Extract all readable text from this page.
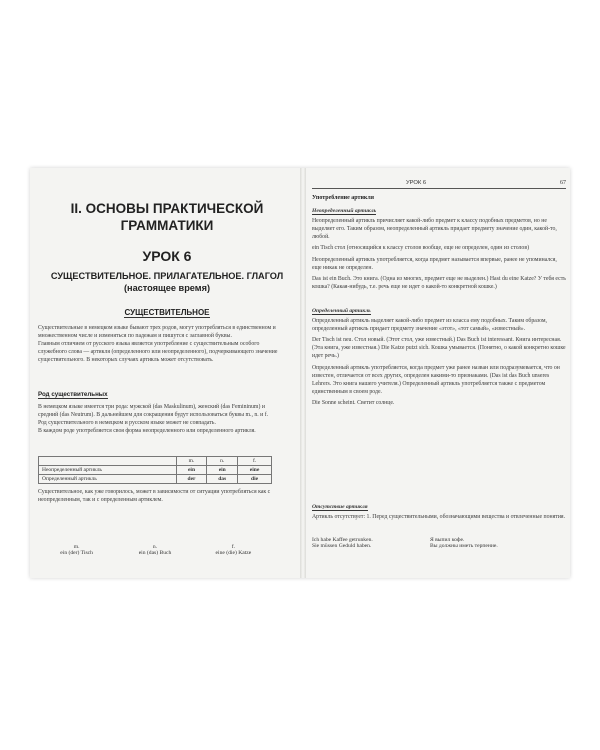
II. ОСНОВЫ ПРАКТИЧЕСКОЙ ГРАММАТИКИ
УРОК 6
СУЩЕСТВИТЕЛЬНОЕ. ПРИЛАГАТЕЛЬНОЕ. ГЛАГОЛ (настоящее время)
СУЩЕСТВИТЕЛЬНОЕ

Существительные в немецком языке бывают трех родов, могут употребляться в единственном и множественном числе и изменяться по падежам и пишутся с заглавной буквы.

Главным отличием от русского языка является употребление с существительным особого служебного слова — артикля (определенного или неопределенного), подчеркивающего значение существительного. В некоторых случаях артикль может отсутствовать.

Род существительных

В немецком языке имеется три рода: мужской (das Maskulinum), женский (das Femininum) и средний (das Neutrum). В дальнейшем для сокращения будут использоваться буквы m., n. и f. Род существительного в немецком и русском языке может не совпадать.

В каждом роде употребляется своя форма неопределенного или определенного артикля.

	m.	n.	f.
Неопределенный артикль	ein	ein	eine
Определенный артикль	der	das	die

Существительное, как уже говорилось, может в зависимости от ситуации употребляться как с неопределенным, так и с определенным артиклем.

m.	n.	f.
ein (der) Tisch	ein (das) Buch	eine (die) Katze
УРОК 6	67
Употребление артикля
Неопределенный артикль

Неопределенный артикль причисляет какой-либо предмет к классу подобных предметов, но не выделяет его. Таким образом, неопределенный артикль придает предмету значение один, какой-то, любой.

ein Tisch стол (относящийся к классу столов вообще, еще не определен, один из столов)

Неопределенный артикль употребляется, когда предмет называется впервые, ранее не упоминался, еще никак не определен.

Das ist ein Buch. Это книга. (Одна из многих, предмет еще не выделен.) Hast du eine Katze? У тебя есть кошка? (Какая-нибудь, т.е. речь еще не идет о какой-то конкретной кошке.)

Определенный артикль

Определенный артикль выделяет какой-либо предмет из класса ему подобных. Таким образом, определенный артикль придает предмету значение «этот», «тот самый», «известный».

Der Tisch ist neu. Стол новый. (Этот стол, уже известный.) Das Buch ist interessant. Книга интересная. (Эта книга, уже известная.) Die Katze putzt sich. Кошка умывается. (Понятно, о какой конкретно кошке идет речь.)

Определенный артикль употребляется, когда предмет уже ранее назван или подразумевается, что он известен, отличается от всех других, определен какими-то признаками. (Das ist das Buch unseres Lehrers. Это книга нашего учителя.) Определенный артикль употребляется также с предметом единственным в своем роде.

Die Sonne scheint. Светит солнце.

Отсутствие артикля

Артикль отсутствует: 1. Перед существительными, обозначающими вещества и отвлеченные понятия.

Ich habe Kaffee getrunken.	Я выпил кофе.
Sie müssen Geduld haben.	Вы должны иметь терпение.
